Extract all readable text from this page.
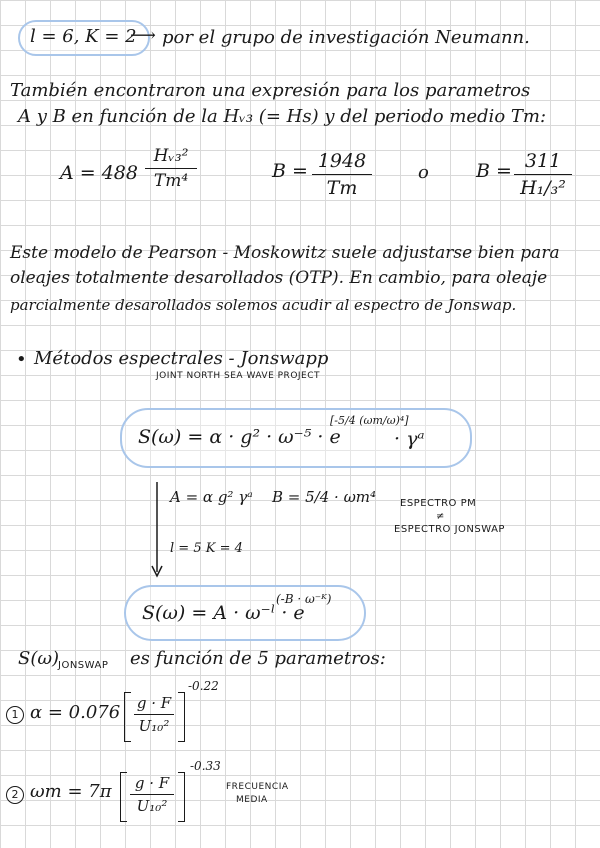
l = 6, K = 2
⟶ por el grupo de investigación Neumann.
También encontraron una expresión para los parametros
A y B en función de la Hᵥ₃ (= Hs) y del periodo medio Tm:
A = 488
Hᵥ₃²
Tm⁴	B = 1948
Tm
o B = 311
H₁/₃²
Este modelo de Pearson - Moskowitz suele adjustarse bien para
oleajes totalmente desarollados (OTP). En cambio, para oleaje
parcialmente desarollados solemos acudir al espectro de Jonswap.
• Métodos espectrales - Jonswapp
JOINT NORTH SEA WAVE PROJECT
S(ω) = α · g² · ω⁻⁵ · e
[-5/4 (ωm/ω)⁴]
· γᵃ
A = α g² γᵃ B = 5/4 · ωm⁴
l = 5 K = 4
ESPECTRO PM
≠
ESPECTRO JONSWAP
S(ω) = A · ω⁻ˡ · e
(-B · ω⁻ᴷ)
S(ω)
JONSWAP es función de 5 parametros:
1 α = 0.076 g · F
U₁₀²
-0.22
2 ωm = 7π	g · F
U₁₀²
-0.33
FRECUENCIA
MEDIA
